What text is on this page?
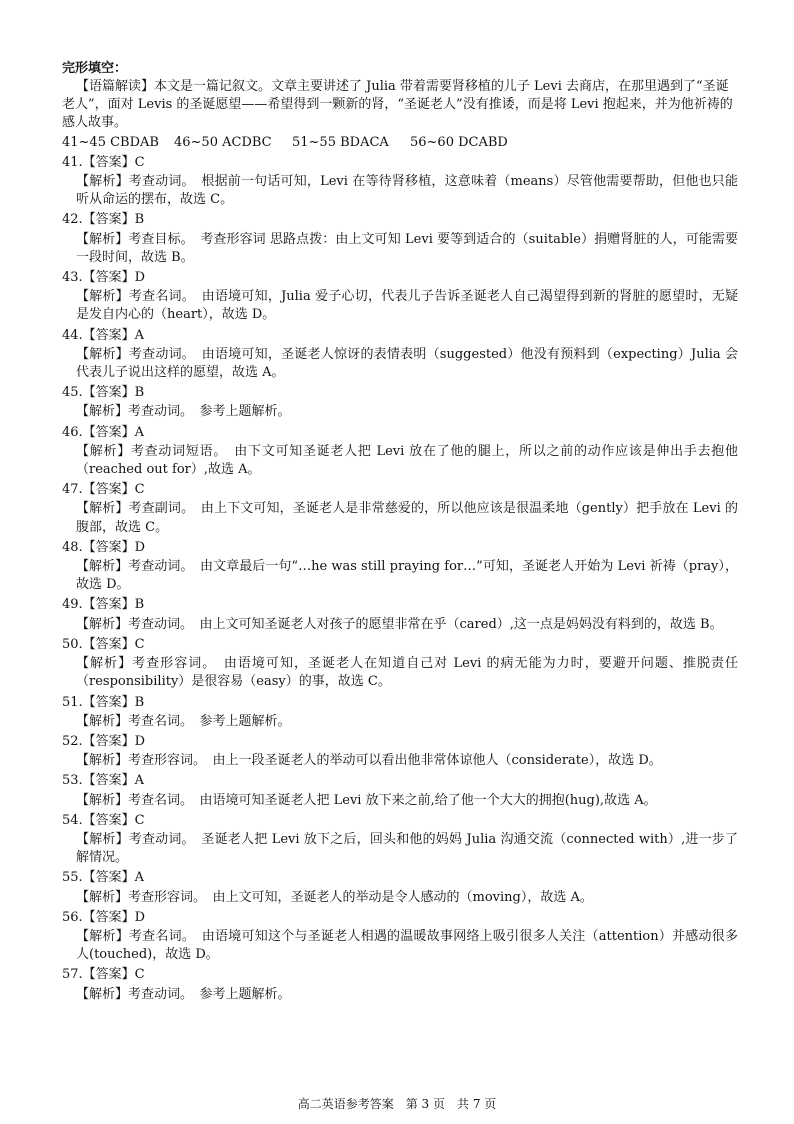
完形填空：

【语篇解读】本文是一篇记叙文。文章主要讲述了 Julia 带着需要肾移植的儿子 Levi 去商店，在那里遇到了“圣诞老人”，面对 Levis 的圣诞愿望——希望得到一颗新的肾，“圣诞老人”没有推诿，而是将 Levi 抱起来，并为他祈祷的感人故事。

41~45 CBDAB 46~50 ACDBC 51~55 BDACA 56~60 DCABD

41.【答案】C

【解析】考查动词。　根据前一句话可知，Levi 在等待肾移植，这意味着（means）尽管他需要帮助，但他也只能听从命运的摆布，故选 C。

42.【答案】B

【解析】考查目标。　考查形容词 思路点拨：由上文可知 Levi 要等到适合的（suitable）捐赠肾脏的人，可能需要一段时间，故选 B。

43.【答案】D

【解析】考查名词。　由语境可知，Julia 爱子心切，代表儿子告诉圣诞老人自己渴望得到新的肾脏的愿望时，无疑是发自内心的（heart），故选 D。

44.【答案】A

【解析】考查动词。　由语境可知，圣诞老人惊讶的表情表明（suggested）他没有预料到（expecting）Julia 会代表儿子说出这样的愿望，故选 A。

45.【答案】B

【解析】考查动词。　参考上题解析。

46.【答案】A

【解析】考查动词短语。　由下文可知圣诞老人把 Levi 放在了他的腿上，所以之前的动作应该是伸出手去抱他（reached out for）,故选 A。

47.【答案】C

【解析】考查副词。　由上下文可知，圣诞老人是非常慈爱的，所以他应该是很温柔地（gently）把手放在 Levi 的腹部，故选 C。

48.【答案】D

【解析】考查动词。　由文章最后一句“…he was still praying for…”可知，圣诞老人开始为 Levi 祈祷（pray），故选 D。

49.【答案】B

【解析】考查动词。　由上文可知圣诞老人对孩子的愿望非常在乎（cared）,这一点是妈妈没有料到的，故选 B。

50.【答案】C

【解析】考查形容词。　由语境可知，圣诞老人在知道自己对 Levi 的病无能为力时，要避开问题、推脱责任（responsibility）是很容易（easy）的事，故选 C。

51.【答案】B

【解析】考查名词。　参考上题解析。

52.【答案】D

【解析】考查形容词。　由上一段圣诞老人的举动可以看出他非常体谅他人（considerate），故选 D。

53.【答案】A

【解析】考查名词。　由语境可知圣诞老人把 Levi 放下来之前,给了他一个大大的拥抱(hug),故选 A。

54.【答案】C

【解析】考查动词。　圣诞老人把 Levi 放下之后，回头和他的妈妈 Julia 沟通交流（connected with）,进一步了解情况。

55.【答案】A

【解析】考查形容词。　由上文可知，圣诞老人的举动是令人感动的（moving），故选 A。

56.【答案】D

【解析】考查名词。　由语境可知这个与圣诞老人相遇的温暖故事网络上吸引很多人关注（attention）并感动很多人(touched)，故选 D。

57.【答案】C

【解析】考查动词。　参考上题解析。

高二英语参考答案　第 3 页　共 7 页
